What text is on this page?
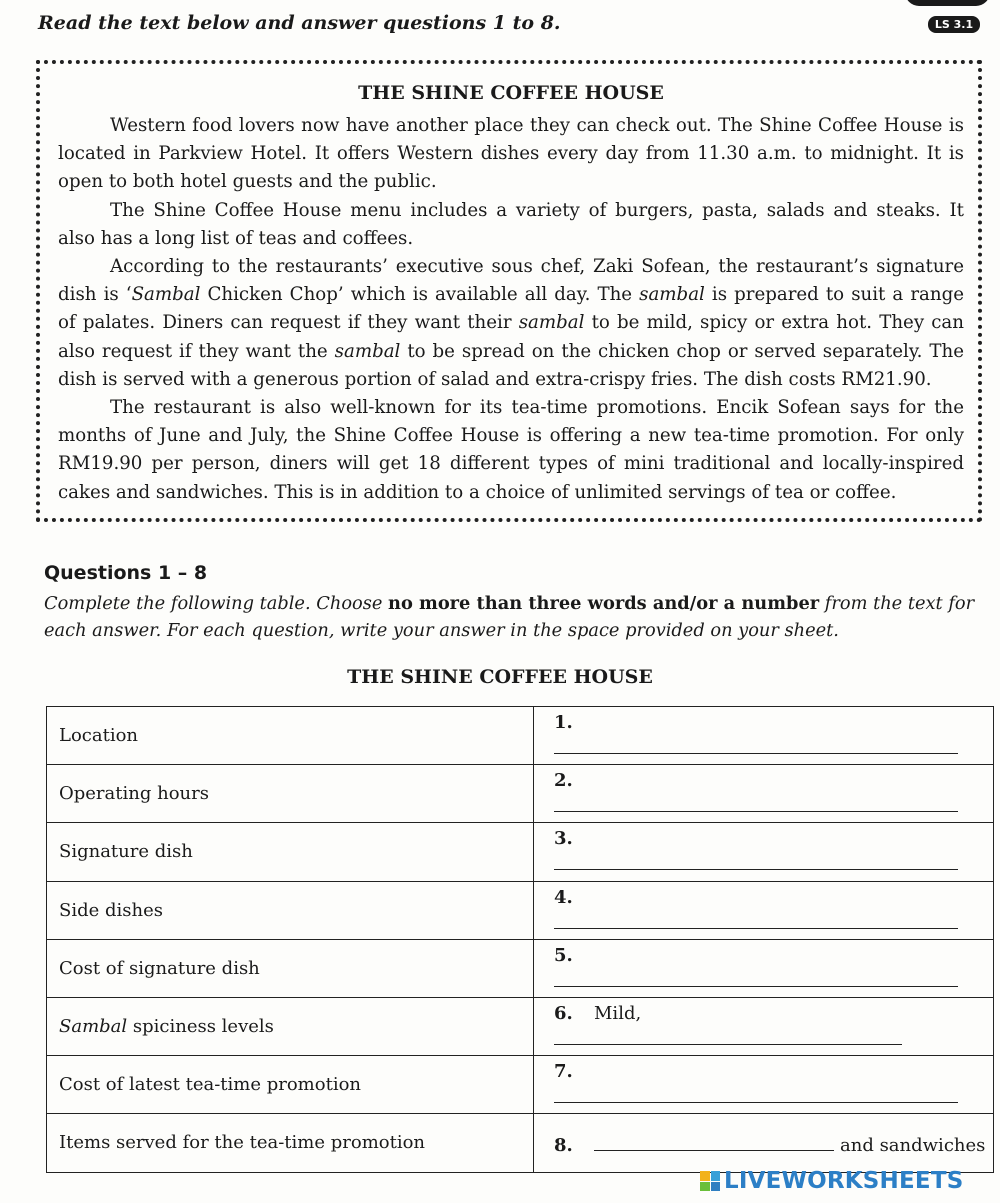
Read the text below and answer questions 1 to 8.	LS 3.1
THE SHINE COFFEE HOUSE

Western food lovers now have another place they can check out. The Shine Coffee House is located in Parkview Hotel. It offers Western dishes every day from 11.30 a.m. to midnight. It is open to both hotel guests and the public.

The Shine Coffee House menu includes a variety of burgers, pasta, salads and steaks. It also has a long list of teas and coffees.

According to the restaurants’ executive sous chef, Zaki Sofean, the restaurant’s signature dish is ‘Sambal Chicken Chop’ which is available all day. The sambal is prepared to suit a range of palates. Diners can request if they want their sambal to be mild, spicy or extra hot. They can also request if they want the sambal to be spread on the chicken chop or served separately. The dish is served with a generous portion of salad and extra-crispy fries. The dish costs RM21.90.

The restaurant is also well-known for its tea-time promotions. Encik Sofean says for the months of June and July, the Shine Coffee House is offering a new tea-time promotion. For only RM19.90 per person, diners will get 18 different types of mini traditional and locally-inspired cakes and sandwiches. This is in addition to a choice of unlimited servings of tea or coffee.

Questions 1 – 8
Complete the following table. Choose no more than three words and/or a number from the text for each answer. For each question, write your answer in the space provided on your sheet.
THE SHINE COFFEE HOUSE
Location	1.
Operating hours	2.
Signature dish	3.
Side dishes	4.
Cost of signature dish	5.
Sambal spiciness levels	6. Mild,
Cost of latest tea-time promotion	7.
Items served for the tea-time promotion	8. and sandwiches
LIVEWORKSHEETS
